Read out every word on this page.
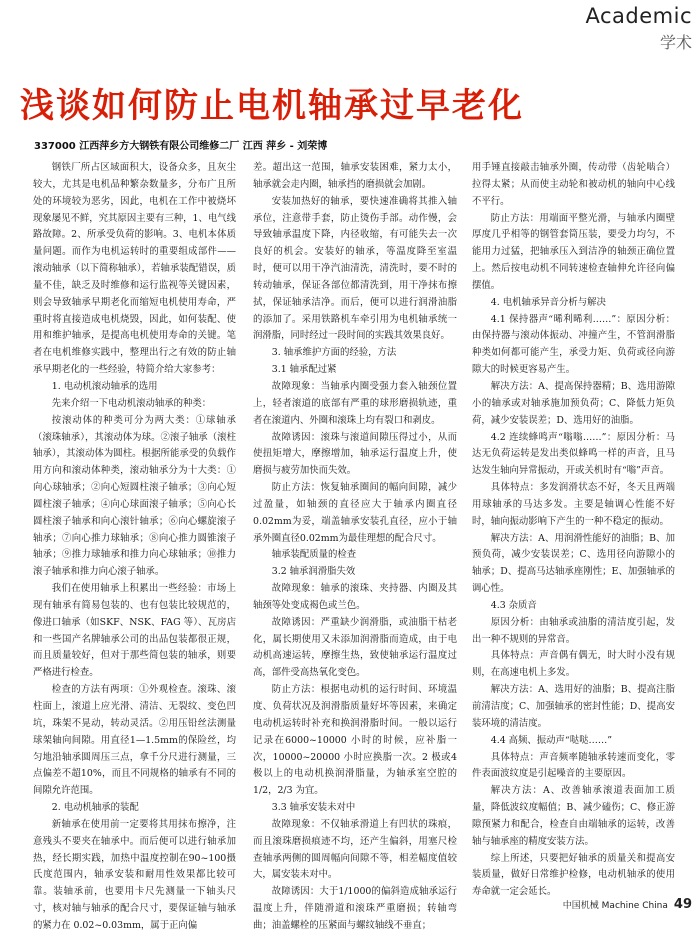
Academic
学术
浅谈如何防止电机轴承过早老化
337000 江西萍乡方大钢铁有限公司维修二厂 江西 萍乡 - 刘荣博

钢铁厂所占区域面积大，设备众多，且灰尘较大，尤其是电机品种繁杂数量多，分布广且所处的环境较为恶劣，因此，电机在工作中被烧坏现象屡见不鲜，究其原因主要有三种，1、电气线路故障。2、所承受负荷的影响。3、电机本体质量问题。而作为电机运转时的重要组成部件——滚动轴承（以下简称轴承），若轴承装配错误，质量不佳，缺乏及时维修和运行监视等关键因素，则会导致轴承早期老化而缩短电机使用寿命，严重时将直接造成电机烧毁，因此，如何装配、使用和维护轴承，是提高电机使用寿命的关键。笔者在电机维修实践中，整理出行之有效的防止轴承早期老化的一些经验，特简介给大家参考：

1. 电动机滚动轴承的选用

先来介绍一下电动机滚动轴承的种类：

按滚动体的种类可分为两大类：①球轴承（滚珠轴承），其滚动体为球。②滚子轴承（滚柱轴承），其滚动体为圆柱。根据所能承受的负载作用方向和滚动体种类，滚动轴承分为十大类：①向心球轴承；②向心短圆柱滚子轴承；③向心短圆柱滚子轴承；④向心球面滚子轴承；⑤向心长圆柱滚子轴承和向心滚针轴承；⑥向心螺旋滚子轴承；⑦向心推力球轴承；⑧向心推力圆锥滚子轴承；⑨推力球轴承和推力向心球轴承；⑩推力滚子轴承和推力向心滚子轴承。

我们在使用轴承上积累出一些经验：市场上现有轴承有简易包装的、也有包装比较规范的，像进口轴承（如SKF、NSK、FAG 等）、瓦房店和一些国产名牌轴承公司的出品包装都很正规，而且质量较好，但对于那些简包装的轴承，则要严格进行检查。

检查的方法有两项：①外观检查。滚珠、滚柱面上，滚道上应光滑、清洁、无裂纹、变色凹坑，珠架不晃动，转动灵活。②用压铅丝法测量球架轴向间隙。用直径1—1.5mm的保险丝，均匀地沿轴承圆周压三点，拿千分尺进行测量，三点偏差不超10%，而且不同规格的轴承有不同的间隙允许范围。

2. 电动机轴承的装配

新轴承在使用前一定要将其用抹布擦净，注意残头不要夹在轴承中。而后便可以进行轴承加热，经长期实践，加热中温度控制在90~100摄氏度范围内，轴承安装和耐用性效果都比较可靠。装轴承前，也要用卡尺先测量一下轴头尺寸，核对轴与轴承的配合尺寸，要保证轴与轴承的紧力在 0.02~0.03mm，属于正向偏

差。超出这一范围，轴承安装困难，紧力太小，轴承就会走内圈，轴承挡的磨损就会加剧。

安装加热好的轴承，要快速准确将其推入轴承位，注意带手套，防止烫伤手部。动作慢，会导致轴承温度下降，内径收缩，有可能失去一次良好的机会。安装好的轴承，等温度降至室温时，便可以用干净汽油清洗，清洗时，要不时的转动轴承，保证各部位都清洗到，用干净抹布擦拭，保证轴承洁净。而后，便可以进行润滑油脂的添加了。采用铁路机车牵引用为电机轴承统一润滑脂，同时经过一段时间的实践其效果良好。

3. 轴承维护方面的经验，方法

3.1 轴承配过紧

故障现象：当轴承内圈受强力套入轴颈位置上，轻者滚道的底部有严重的球形磨损轨迹，重者在滚道内、外圈和滚珠上均有裂口和剥皮。

故障诱因：滚珠与滚道间隙压得过小，从而使扭矩增大，摩擦增加，轴承运行温度上升，使磨损与疲劳加快而失效。

防止方法：恢复轴承圈间的幅向间隙，减少过盈量，如轴颈的直径应大于轴承内圈直径0.02mm为妥，端盖轴承安装孔直径，应小于轴承外圈直径0.02mm为最佳理想的配合尺寸。

轴承装配质量的检查

3.2 轴承润滑脂失效

故障现象：轴承的滚珠、夹持器、内圈及其轴颈等处变成褐色或兰色。

故障诱因：严重缺少润滑脂，或油脂干枯老化，属长期使用又未添加润滑脂而造成，由于电动机高速运转，摩擦生热，致使轴承运行温度过高，部件受高热氧化变色。

防止方法：根据电动机的运行时间、环境温度、负荷状况及润滑脂质量好坏等因素，来确定电动机运转时补充和换润滑脂时间。一般以运行记录在6000~10000 小时的时候，应补脂一次，10000~20000 小时应换脂一次。2 极或4极以上的电动机换润滑脂量，为轴承室空腔的1/2，2/3 为宜。

3.3 轴承安装未对中

故障现象：不仅轴承滑道上有凹状的珠痕，而且滚珠磨损痕迹不均，还产生偏斜，用塞尺检查轴承两侧的圆周幅向间隙不等，相差幅度值较大，属安装未对中。

故障诱因：大于1/1000的偏斜造成轴承运行温度上升，伴随滑道和滚珠严重磨损；转轴弯曲；油盖螺栓的压紧面与螺纹轴线不垂直；

用手锤直接敲击轴承外圈，传动带（齿轮啮合）拉得太紧；从而使主动轮和被动机的轴向中心线不平行。

防止方法：用端面平整光滑，与轴承内圈壁厚度几乎相等的钢管套筒压装，要受力均匀，不能用力过猛，把轴承压入到洁净的轴颈正确位置上。然后按电动机不同转速检查轴伸允许径向偏摆值。

4. 电机轴承异音分析与解决

4.1 保持器声“晞利晞利……”：原因分析：由保持器与滚动体振动、冲撞产生，不管润滑脂种类如何都可能产生，承受力矩、负荷或径向游隙大的时候更容易产生。

解决方法：A、提高保持器精；B、选用游隙小的轴承或对轴承施加预负荷；C、降低力矩负荷，减少安装误差；D、选用好的油脂。

4.2 连续蜂鸣声“嗡嗡……”：原因分析：马达无负荷运转是发出类似蜂鸣一样的声音，且马达发生轴向异常振动，开或关机时有“嗡”声音。

具体特点：多发润滑状态不好，冬天且两端用球轴承的马达多发。主要是轴调心性能不好时，轴向振动影响下产生的一种不稳定的振动。

解决方法：A、用润滑性能好的油脂；B、加预负荷，减少安装误差；C、选用径向游隙小的轴承；D、提高马达轴承座刚性；E、加强轴承的调心性。

4.3 杂质音

原因分析：由轴承或油脂的清洁度引起，发出一种不规则的异常音。

具体特点：声音偶有偶无，时大时小没有规则，在高速电机上多发。

解决方法：A、选用好的油脂；B、提高注脂前清洁度；C、加强轴承的密封性能；D、提高安装环境的清洁度。

4.4 高频、振动声“哒哒……”

具体特点：声音频率随轴承转速而变化，零件表面波纹度是引起噪音的主要原因。

解决方法：A、改善轴承滚道表面加工质量，降低波纹度幅值；B、减少磕伤；C、修正游隙预紧力和配合，检查自由端轴承的运转，改善轴与轴承座的精度安装方法。

综上所述，只要把好轴承的质量关和提高安装质量，做好日常维护检修，电动机轴承的使用寿命就一定会延长。

中国机械 Machine China 49
